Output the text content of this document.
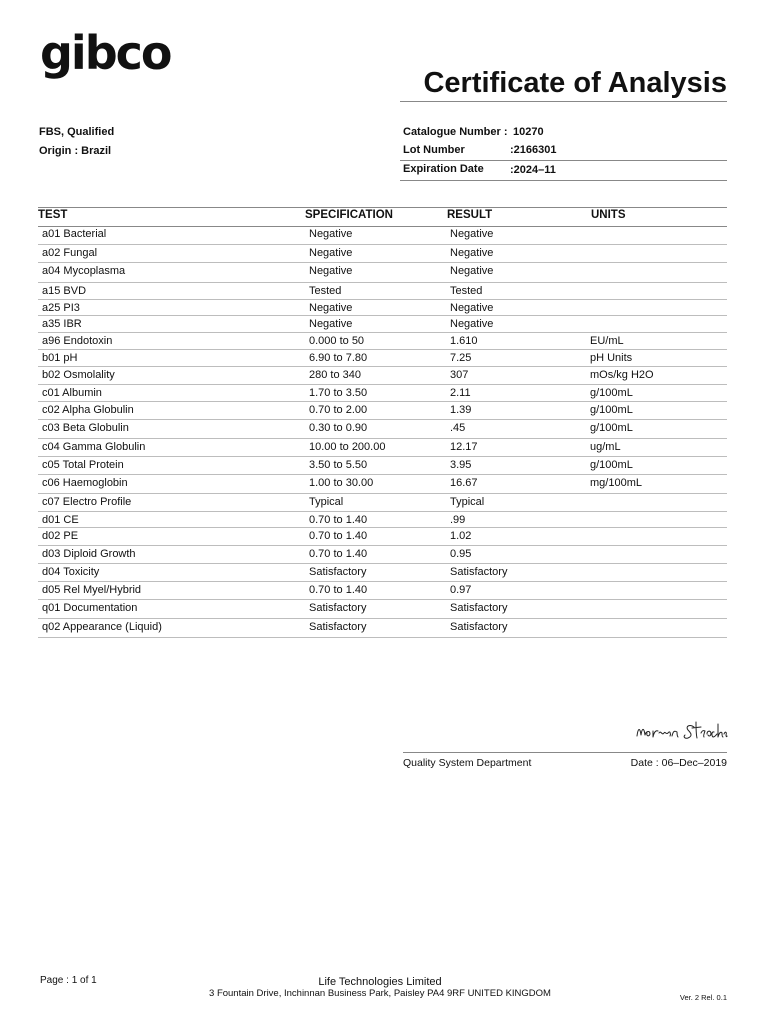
gibco
Certificate of Analysis
FBS, Qualified
Origin : Brazil
Catalogue Number : 10270
Lot Number	:2166301
Expiration Date :2024–11
TEST	SPECIFICATION	RESULT	UNITS
a01 Bacterial	Negative	Negative
a02 Fungal	Negative	Negative
a04 Mycoplasma	Negative	Negative
a15 BVD	Tested	Tested
a25 PI3	Negative	Negative
a35 IBR	Negative	Negative
a96 Endotoxin	0.000 to 50	1.610	EU/mL
b01 pH	6.90 to 7.80	7.25	pH Units
b02 Osmolality	280 to 340	307	mOs/kg H2O
c01 Albumin	1.70 to 3.50	2.11	g/100mL
c02 Alpha Globulin	0.70 to 2.00	1.39	g/100mL
c03 Beta Globulin	0.30 to 0.90	.45	g/100mL
c04 Gamma Globulin	10.00 to 200.00	12.17	ug/mL
c05 Total Protein	3.50 to 5.50	3.95	g/100mL
c06 Haemoglobin	1.00 to 30.00	16.67	mg/100mL
c07 Electro Profile	Typical	Typical
d01 CE	0.70 to 1.40	.99
d02 PE	0.70 to 1.40	1.02
d03 Diploid Growth	0.70 to 1.40	0.95
d04 Toxicity	Satisfactory	Satisfactory
d05 Rel Myel/Hybrid	0.70 to 1.40	0.97
q01 Documentation	Satisfactory	Satisfactory
q02 Appearance (Liquid)	Satisfactory	Satisfactory
Quality System Department	Date : 06–Dec–2019
Page : 1 of 1	Life Technologies Limited
3 Fountain Drive, Inchinnan Business Park, Paisley PA4 9RF UNITED KINGDOM	Ver. 2 Rel. 0.1
